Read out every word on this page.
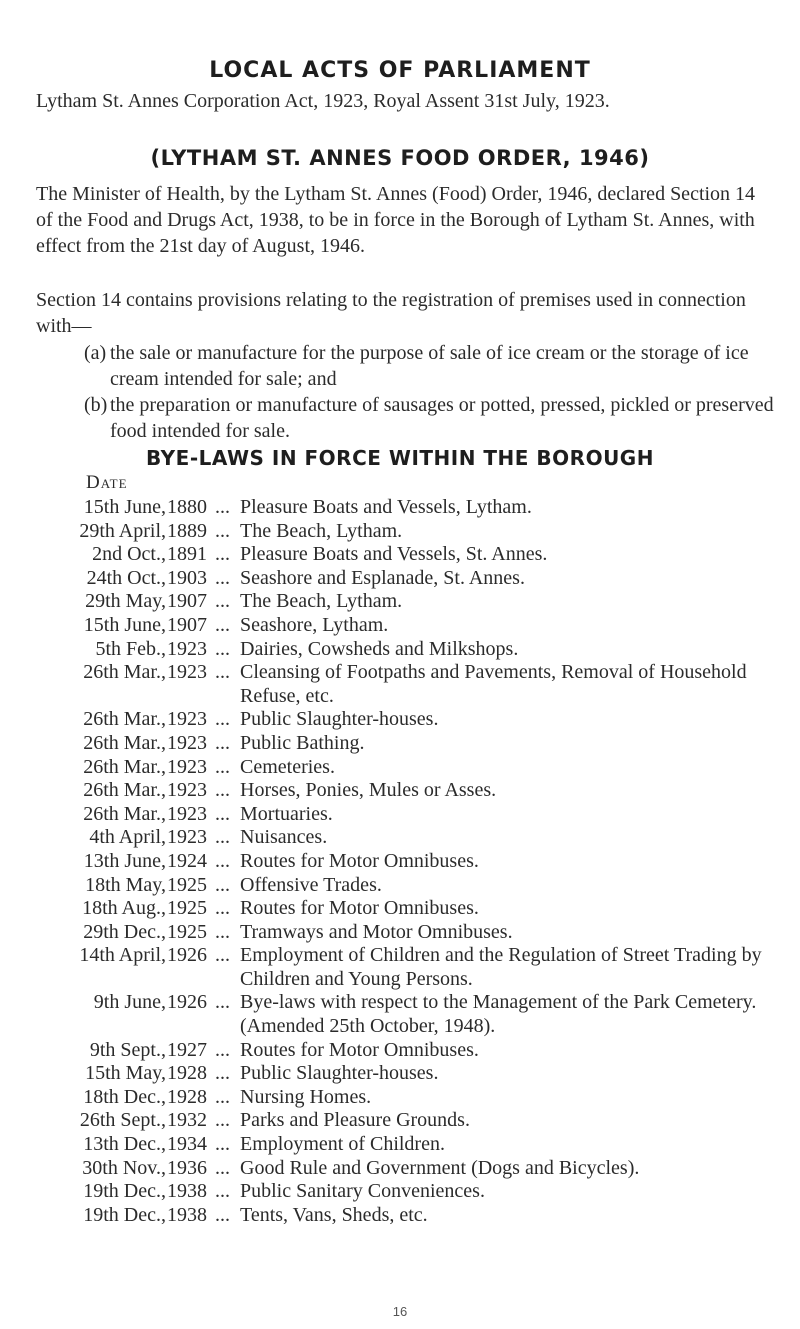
LOCAL ACTS OF PARLIAMENT
Lytham St. Annes Corporation Act, 1923, Royal Assent 31st July, 1923.
(LYTHAM ST. ANNES FOOD ORDER, 1946)
The Minister of Health, by the Lytham St. Annes (Food) Order, 1946, declared Section 14 of the Food and Drugs Act, 1938, to be in force in the Borough of Lytham St. Annes, with effect from the 21st day of August, 1946.
Section 14 contains provisions relating to the registration of premises used in connection with—
(a) the sale or manufacture for the purpose of sale of ice cream or the storage of ice cream intended for sale; and
(b) the preparation or manufacture of sausages or potted, pressed, pickled or preserved food intended for sale.
BYE-LAWS IN FORCE WITHIN THE BOROUGH
Date
15th June, 1880 ... Pleasure Boats and Vessels, Lytham.
29th April, 1889 ... The Beach, Lytham.
2nd Oct., 1891 ... Pleasure Boats and Vessels, St. Annes.
24th Oct., 1903 ... Seashore and Esplanade, St. Annes.
29th May, 1907 ... The Beach, Lytham.
15th June, 1907 ... Seashore, Lytham.
5th Feb., 1923 ... Dairies, Cowsheds and Milkshops.
26th Mar., 1923 ... Cleansing of Footpaths and Pavements, Removal of Household Refuse, etc.
26th Mar., 1923 ... Public Slaughter-houses.
26th Mar., 1923 ... Public Bathing.
26th Mar., 1923 ... Cemeteries.
26th Mar., 1923 ... Horses, Ponies, Mules or Asses.
26th Mar., 1923 ... Mortuaries.
4th April, 1923 ... Nuisances.
13th June, 1924 ... Routes for Motor Omnibuses.
18th May, 1925 ... Offensive Trades.
18th Aug., 1925 ... Routes for Motor Omnibuses.
29th Dec., 1925 ... Tramways and Motor Omnibuses.
14th April, 1926 ... Employment of Children and the Regulation of Street Trading by Children and Young Persons.
9th June, 1926 ... Bye-laws with respect to the Management of the Park Cemetery. (Amended 25th October, 1948).
9th Sept., 1927 ... Routes for Motor Omnibuses.
15th May, 1928 ... Public Slaughter-houses.
18th Dec., 1928 ... Nursing Homes.
26th Sept., 1932 ... Parks and Pleasure Grounds.
13th Dec., 1934 ... Employment of Children.
30th Nov., 1936 ... Good Rule and Government (Dogs and Bicycles).
19th Dec., 1938 ... Public Sanitary Conveniences.
19th Dec., 1938 ... Tents, Vans, Sheds, etc.
16
